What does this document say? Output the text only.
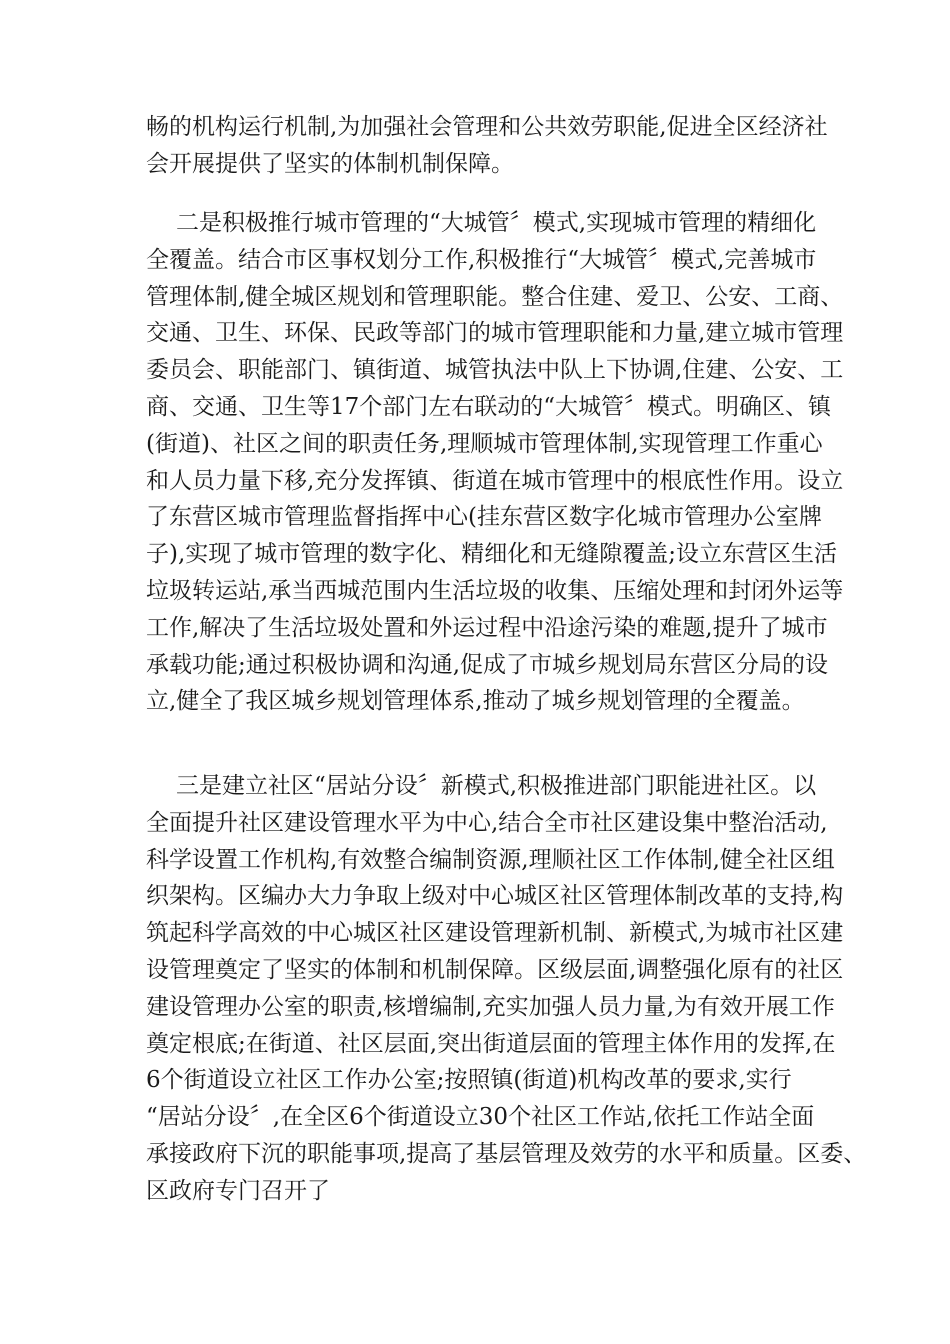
畅的机构运行机制,为加强社会管理和公共效劳职能,促进全区经济社
会开展提供了坚实的体制机制保障。
二是积极推行城市管理的“大城管〞模式,实现城市管理的精细化
全覆盖。结合市区事权划分工作,积极推行“大城管〞模式,完善城市
管理体制,健全城区规划和管理职能。整合住建、爱卫、公安、工商、
交通、卫生、环保、民政等部门的城市管理职能和力量,建立城市管理
委员会、职能部门、镇街道、城管执法中队上下协调,住建、公安、工
商、交通、卫生等17个部门左右联动的“大城管〞模式。明确区、镇
(街道)、社区之间的职责任务,理顺城市管理体制,实现管理工作重心
和人员力量下移,充分发挥镇、街道在城市管理中的根底性作用。设立
了东营区城市管理监督指挥中心(挂东营区数字化城市管理办公室牌
子),实现了城市管理的数字化、精细化和无缝隙覆盖;设立东营区生活
垃圾转运站,承当西城范围内生活垃圾的收集、压缩处理和封闭外运等
工作,解决了生活垃圾处置和外运过程中沿途污染的难题,提升了城市
承载功能;通过积极协调和沟通,促成了市城乡规划局东营区分局的设
立,健全了我区城乡规划管理体系,推动了城乡规划管理的全覆盖。
三是建立社区“居站分设〞新模式,积极推进部门职能进社区。以
全面提升社区建设管理水平为中心,结合全市社区建设集中整治活动,
科学设置工作机构,有效整合编制资源,理顺社区工作体制,健全社区组
织架构。区编办大力争取上级对中心城区社区管理体制改革的支持,构
筑起科学高效的中心城区社区建设管理新机制、新模式,为城市社区建
设管理奠定了坚实的体制和机制保障。区级层面,调整强化原有的社区
建设管理办公室的职责,核增编制,充实加强人员力量,为有效开展工作
奠定根底;在街道、社区层面,突出街道层面的管理主体作用的发挥,在
6个街道设立社区工作办公室;按照镇(街道)机构改革的要求,实行
“居站分设〞,在全区6个街道设立30个社区工作站,依托工作站全面
承接政府下沉的职能事项,提高了基层管理及效劳的水平和质量。区委、
区政府专门召开了
